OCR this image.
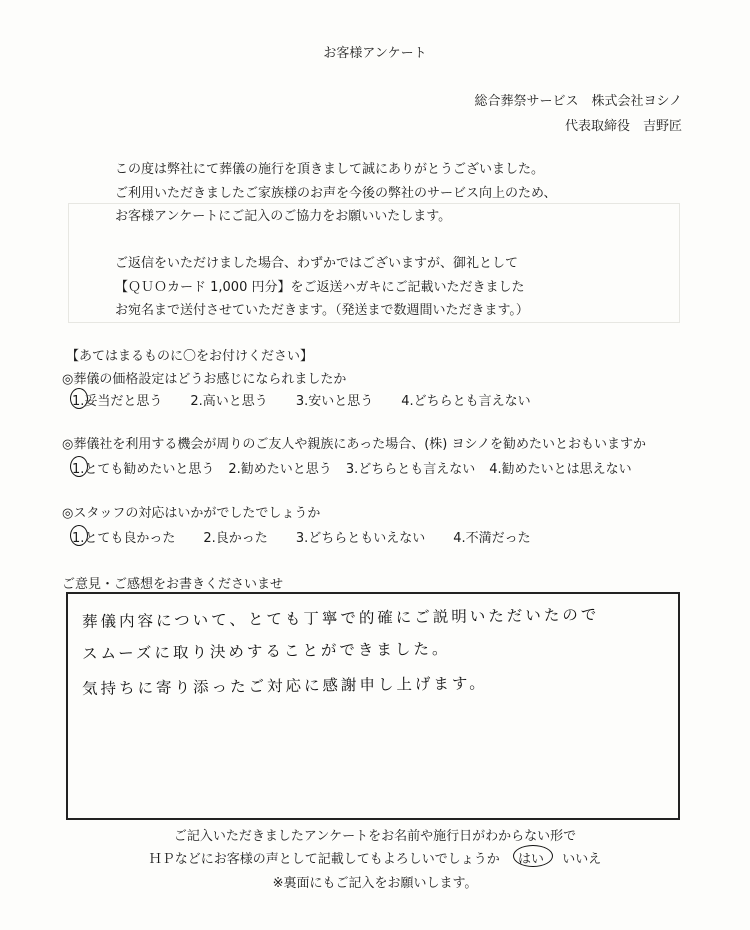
お客様アンケート
総合葬祭サービス　株式会社ヨシノ
代表取締役　吉野匠
この度は弊社にて葬儀の施行を頂きまして誠にありがとうございました。
ご利用いただきましたご家族様のお声を今後の弊社のサービス向上のため、
お客様アンケートにご記入のご協力をお願いいたします。
ご返信をいただけました場合、わずかではございますが、御礼として
【ＱＵＯカード 1,000 円分】をご返送ハガキにご記載いただきました
お宛名まで送付させていただきます。（発送まで数週間いただきます。）
【あてはまるものに〇をお付けください】
◎葬儀の価格設定はどうお感じになられましたか
1.妥当だと思う 2.高いと思う 3.安いと思う 4.どちらとも言えない
◎葬儀社を利用する機会が周りのご友人や親族にあった場合、(株) ヨシノを勧めたいとおもいますか
1.とても勧めたいと思う 2.勧めたいと思う 3.どちらとも言えない 4.勧めたいとは思えない
◎スタッフの対応はいかがでしたでしょうか
1.とても良かった 2.良かった 3.どちらともいえない 4.不満だった
ご意見・ご感想をお書きくださいませ
葬儀内容について、とても丁寧で的確にご説明いただいたので
スムーズに取り決めすることができました。
気持ちに寄り添ったご対応に感謝申し上げます。
ご記入いただきましたアンケートをお名前や施行日がわからない形で
ＨＰなどにお客様の声として記載してもよろしいでしょうか はい いいえ
※裏面にもご記入をお願いします。
